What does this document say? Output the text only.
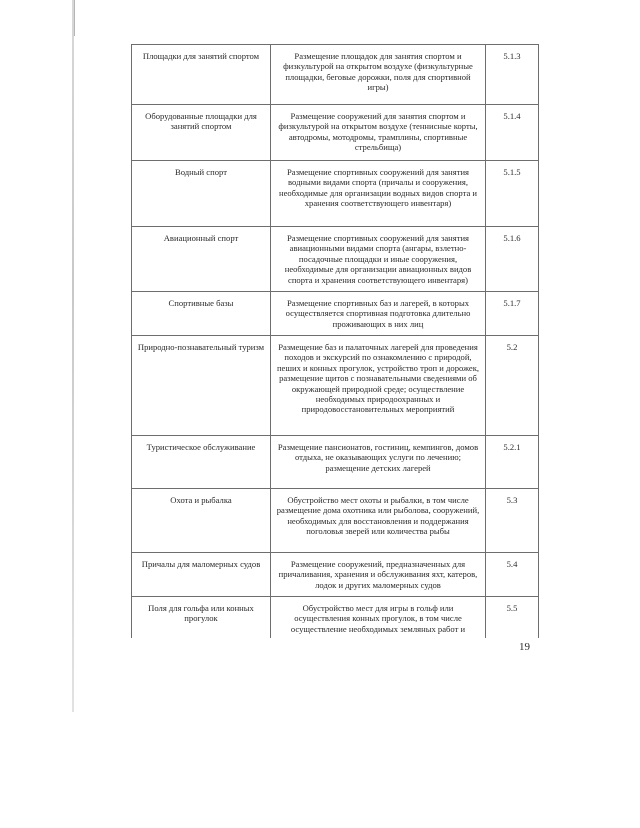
Площадки для занятий спортом	Размещение площадок для занятия спортом и физкультурой на открытом воздухе (физкультурные площадки, беговые дорожки, поля для спортивной игры)	5.1.3
Оборудованные площадки для занятий спортом	Размещение сооружений для занятия спортом и физкультурой на открытом воздухе (теннисные корты, автодромы, мотодромы, трамплины, спортивные стрельбища)	5.1.4
Водный спорт	Размещение спортивных сооружений для занятия водными видами спорта (причалы и сооружения, необходимые для организации водных видов спорта и хранения соответствующего инвентаря)	5.1.5
Авиационный спорт	Размещение спортивных сооружений для занятия авиационными видами спорта (ангары, взлетно-посадочные площадки и иные сооружения, необходимые для организации авиационных видов спорта и хранения соответствующего инвентаря)	5.1.6
Спортивные базы	Размещение спортивных баз и лагерей, в которых осуществляется спортивная подготовка длительно проживающих в них лиц	5.1.7
Природно-познавательный туризм	Размещение баз и палаточных лагерей для проведения походов и экскурсий по ознакомлению с природой, пеших и конных прогулок, устройство троп и дорожек, размещение щитов с познавательными сведениями об окружающей природной среде; осуществление необходимых природоохранных и природовосстановительных мероприятий	5.2
Туристическое обслуживание	Размещение пансионатов, гостиниц, кемпингов, домов отдыха, не оказывающих услуги по лечению; размещение детских лагерей	5.2.1
Охота и рыбалка	Обустройство мест охоты и рыбалки, в том числе размещение дома охотника или рыболова, сооружений, необходимых для восстановления и поддержания поголовья зверей или количества рыбы	5.3
Причалы для маломерных судов	Размещение сооружений, предназначенных для причаливания, хранения и обслуживания яхт, катеров, лодок и других маломерных судов	5.4
Поля для гольфа или конных прогулок	Обустройство мест для игры в гольф или осуществления конных прогулок, в том числе осуществление необходимых земляных работ и	5.5
19
